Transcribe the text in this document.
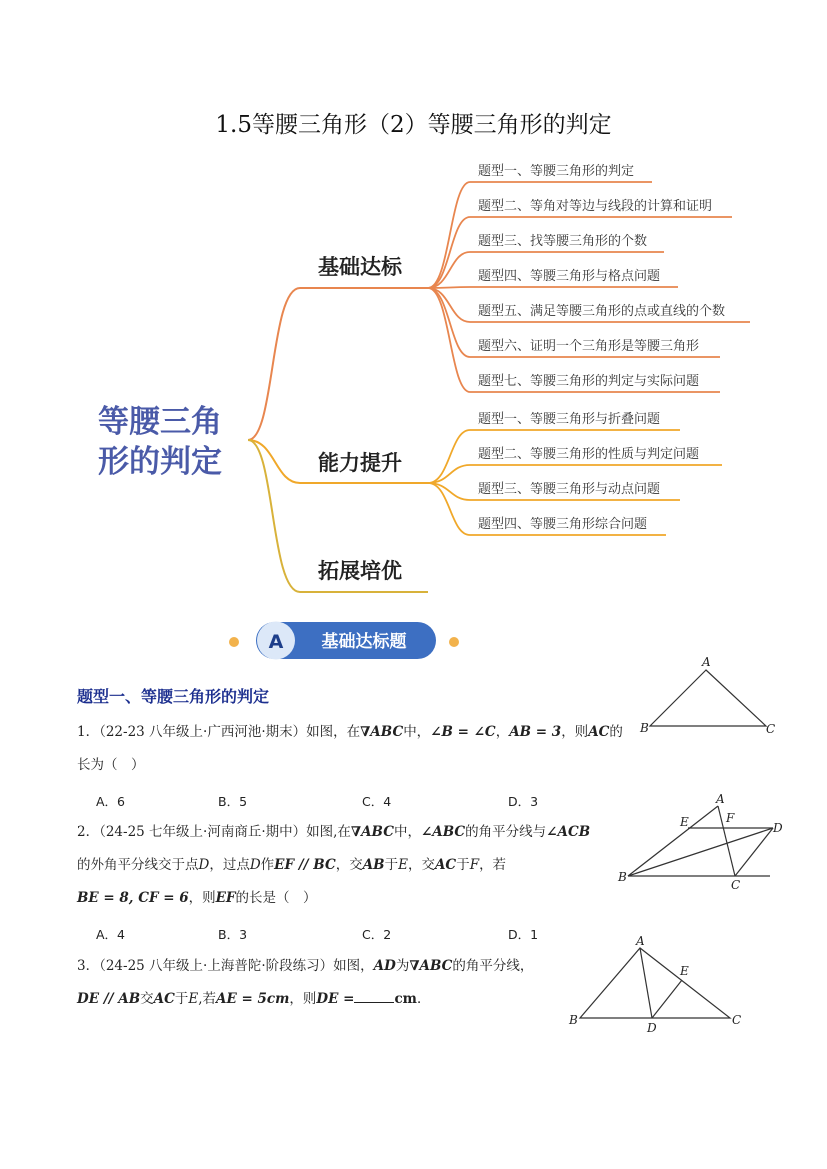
1.5等腰三角形（2）等腰三角形的判定
等腰三角
形的判定
基础达标
能力提升
拓展培优
题型一、等腰三角形的判定
题型二、等角对等边与线段的计算和证明
题型三、找等腰三角形的个数
题型四、等腰三角形与格点问题
题型五、满足等腰三角形的点或直线的个数
题型六、证明一个三角形是等腰三角形
题型七、等腰三角形的判定与实际问题
题型一、等腰三角形与折叠问题
题型二、等腰三角形的性质与判定问题
题型三、等腰三角形与动点问题
题型四、等腰三角形综合问题
A 基础达标题
题型一、等腰三角形的判定
1．（22-23 八年级上·广西河池·期末）如图，在∇ABC中，∠B = ∠C，AB = 3，则AC的
长为（　）
A．6	B．5	C．4	D．3
2．（24-25 七年级上·河南商丘·期中）如图,在∇ABC中，∠ABC的角平分线与∠ACB
的外角平分线交于点D，过点D作EF // BC，交AB于E，交AC于F，若
BE = 8, CF = 6，则EF的长是（　）
A．4	B．3	C．2	D．1
3．（24-25 八年级上·上海普陀·阶段练习）如图，AD为∇ABC的角平分线，
DE // AB交AC于E,若AE = 5cm，则DE =	cm．
A
B	C
A
E	F
D
B
C
A
E
B
D
C
